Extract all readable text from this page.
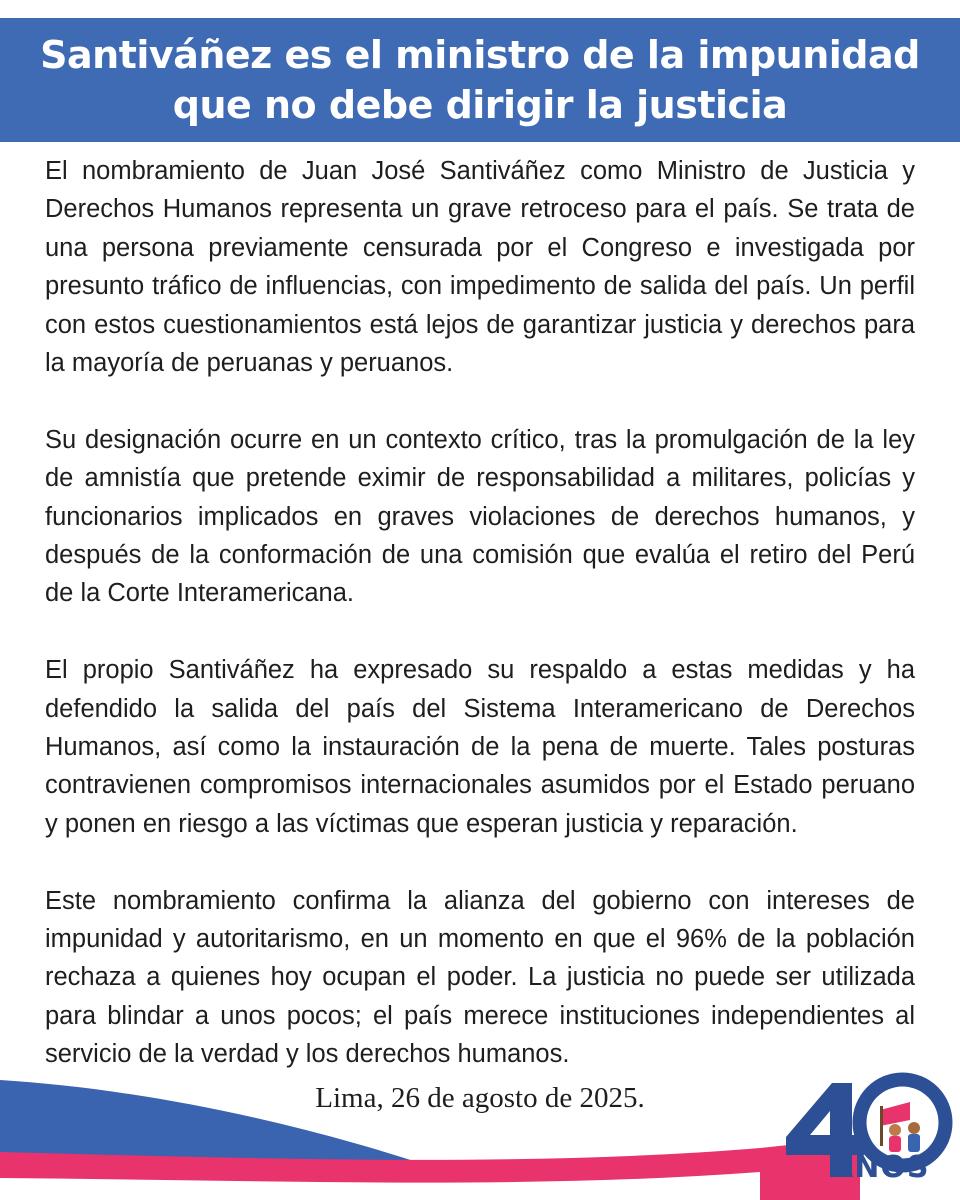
Santiváñez es el ministro de la impunidad
que no debe dirigir la justicia

El nombramiento de Juan José Santiváñez como Ministro de Justicia y Derechos Humanos representa un grave retroceso para el país. Se trata de una persona previamente censurada por el Congreso e investigada por presunto tráfico de influencias, con impedimento de salida del país. Un perfil con estos cuestionamientos está lejos de garantizar justicia y derechos para la mayoría de peruanas y peruanos.

Su designación ocurre en un contexto crítico, tras la promulgación de la ley de amnistía que pretende eximir de responsabilidad a militares, policías y funcionarios implicados en graves violaciones de derechos humanos, y después de la conformación de una comisión que evalúa el retiro del Perú de la Corte Interamericana.

El propio Santiváñez ha expresado su respaldo a estas medidas y ha defendido la salida del país del Sistema Interamericano de Derechos Humanos, así como la instauración de la pena de muerte. Tales posturas contravienen compromisos internacionales asumidos por el Estado peruano y ponen en riesgo a las víctimas que esperan justicia y reparación.

Este nombramiento confirma la alianza del gobierno con intereses de impunidad y autoritarismo, en un momento en que el 96% de la población rechaza a quienes hoy ocupan el poder. La justicia no puede ser utilizada para blindar a unos pocos; el país merece instituciones independientes al servicio de la verdad y los derechos humanos.

Lima, 26 de agosto de 2025.
AÑOS
